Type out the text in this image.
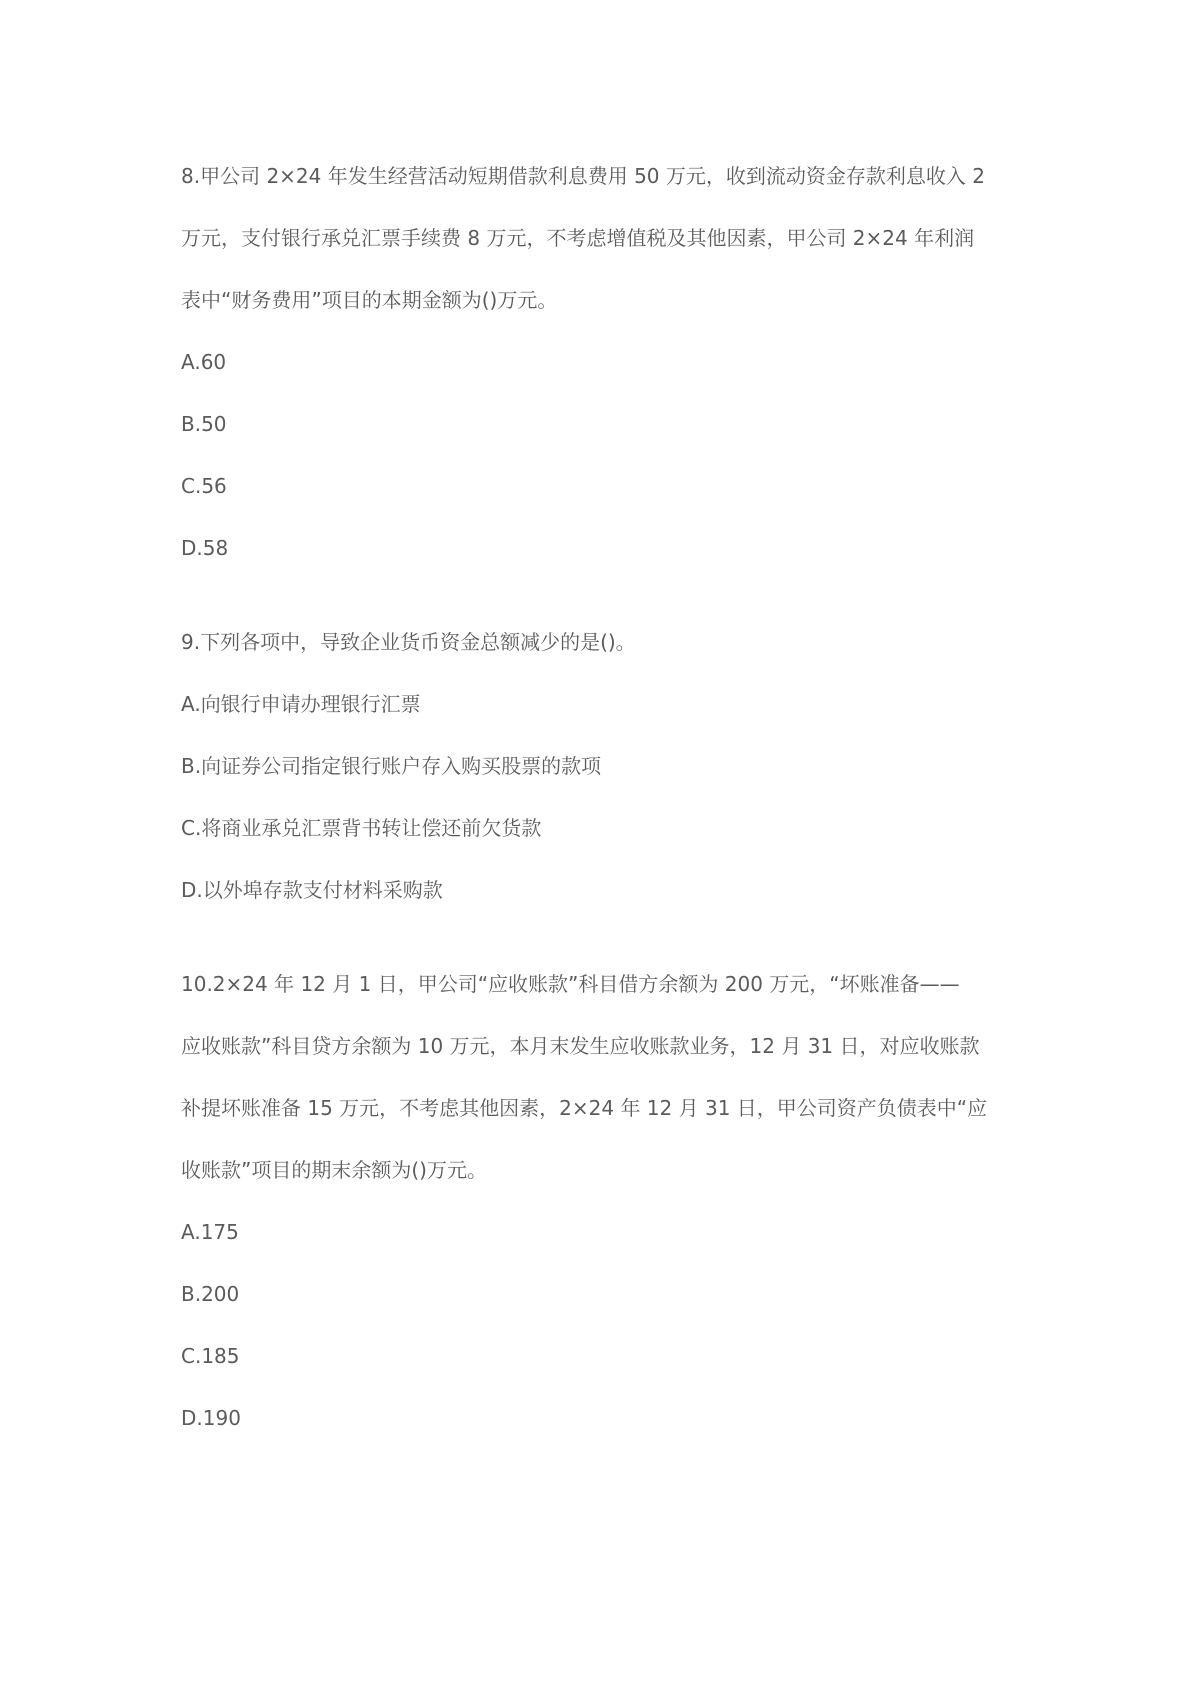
8.甲公司 2×24 年发生经营活动短期借款利息费用 50 万元，收到流动资金存款利息收入 2
万元，支付银行承兑汇票手续费 8 万元，不考虑增值税及其他因素，甲公司 2×24 年利润
表中“财务费用”项目的本期金额为()万元。
A.60
B.50
C.56
D.58
9.下列各项中，导致企业货币资金总额减少的是()。
A.向银行申请办理银行汇票
B.向证券公司指定银行账户存入购买股票的款项
C.将商业承兑汇票背书转让偿还前欠货款
D.以外埠存款支付材料采购款
10.2×24 年 12 月 1 日，甲公司“应收账款”科目借方余额为 200 万元，“坏账准备——
应收账款”科目贷方余额为 10 万元，本月末发生应收账款业务，12 月 31 日，对应收账款
补提坏账准备 15 万元，不考虑其他因素，2×24 年 12 月 31 日，甲公司资产负债表中“应
收账款”项目的期末余额为()万元。
A.175
B.200
C.185
D.190
